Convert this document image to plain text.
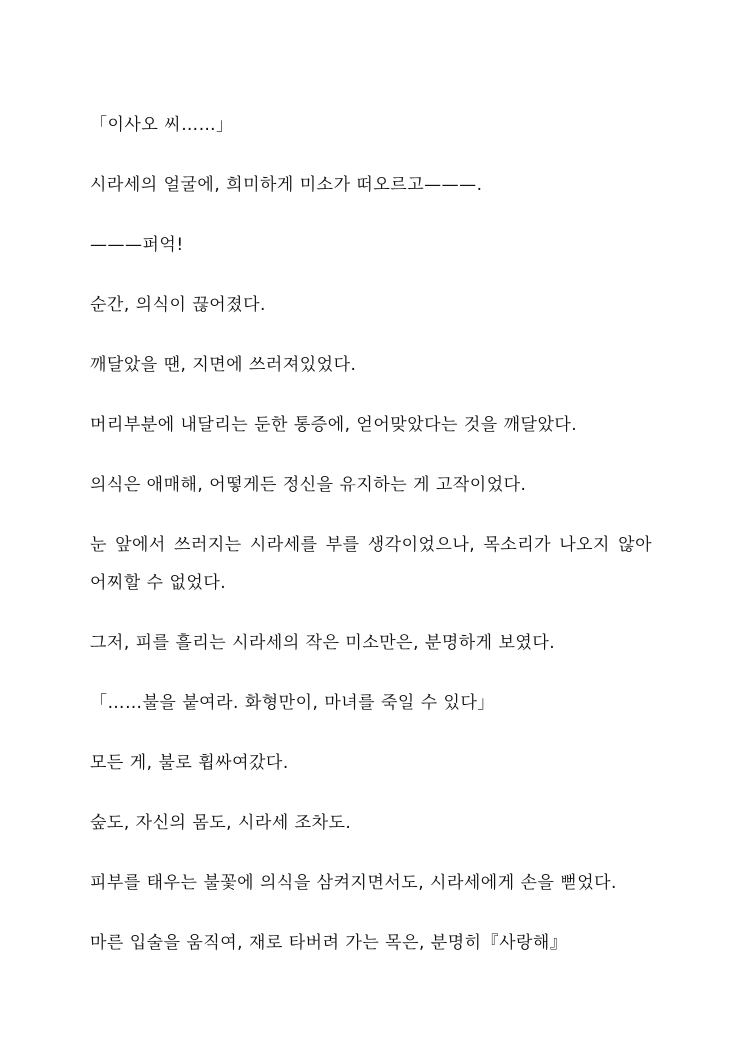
「이사오 씨……」

시라세의 얼굴에, 희미하게 미소가 떠오르고———.

———퍼억!

순간, 의식이 끊어졌다.

깨달았을 땐, 지면에 쓰러져있었다.

머리부분에 내달리는 둔한 통증에, 얻어맞았다는 것을 깨달았다.

의식은 애매해, 어떻게든 정신을 유지하는 게 고작이었다.

눈 앞에서 쓰러지는 시라세를 부를 생각이었으나, 목소리가 나오지 않아 어찌할 수 없었다.

그저, 피를 흘리는 시라세의 작은 미소만은, 분명하게 보였다.

「……불을 붙여라. 화형만이, 마녀를 죽일 수 있다」

모든 게, 불로 휩싸여갔다.

숲도, 자신의 몸도, 시라세 조차도.

피부를 태우는 불꽃에 의식을 삼켜지면서도, 시라세에게 손을 뻗었다.

마른 입술을 움직여, 재로 타버려 가는 목은, 분명히『사랑해』
